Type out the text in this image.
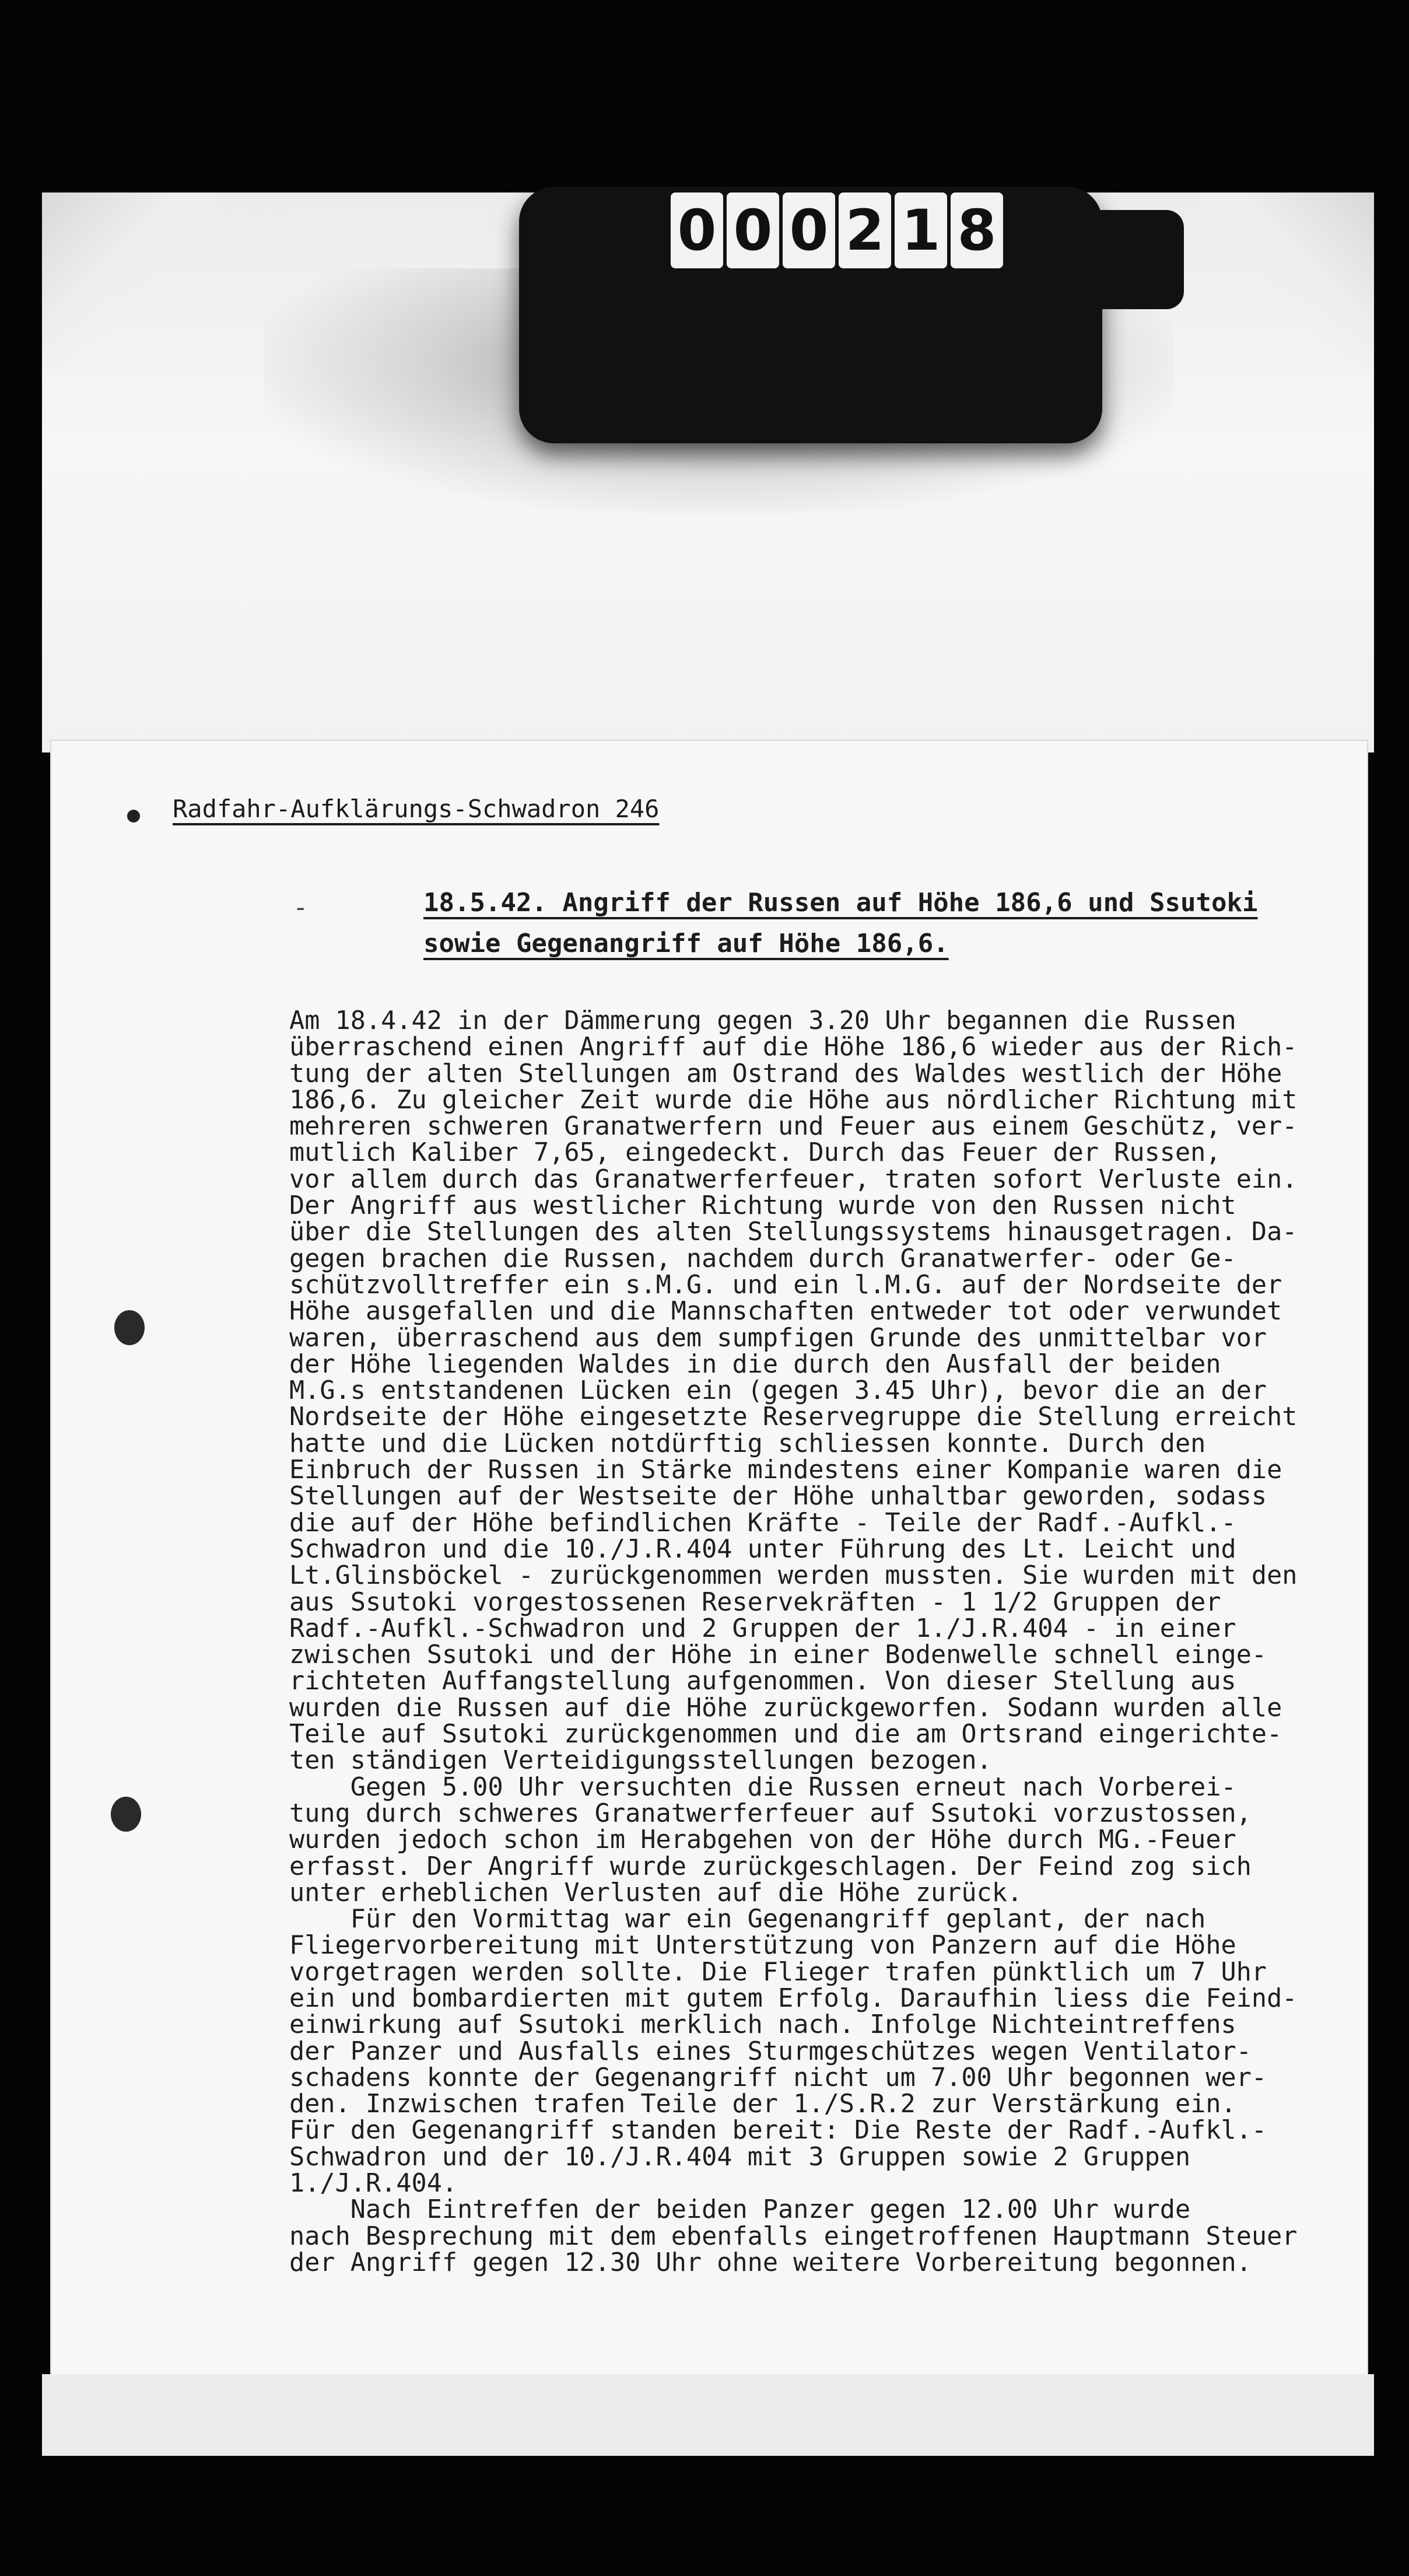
0 0 0 2 1 8
Radfahr-Aufklärungs-Schwadron 246
-	18.5.42. Angriff der Russen auf Höhe 186,6 und Ssutoki
sowie Gegenangriff auf Höhe 186,6.
Am 18.4.42 in der Dämmerung gegen 3.20 Uhr begannen die Russen
überraschend einen Angriff auf die Höhe 186,6 wieder aus der Rich-
tung der alten Stellungen am Ostrand des Waldes westlich der Höhe
186,6. Zu gleicher Zeit wurde die Höhe aus nördlicher Richtung mit
mehreren schweren Granatwerfern und Feuer aus einem Geschütz, ver-
mutlich Kaliber 7,65, eingedeckt. Durch das Feuer der Russen,
vor allem durch das Granatwerferfeuer, traten sofort Verluste ein.
Der Angriff aus westlicher Richtung wurde von den Russen nicht
über die Stellungen des alten Stellungssystems hinausgetragen. Da-
gegen brachen die Russen, nachdem durch Granatwerfer- oder Ge-
schützvolltreffer ein s.M.G. und ein l.M.G. auf der Nordseite der
Höhe ausgefallen und die Mannschaften entweder tot oder verwundet
waren, überraschend aus dem sumpfigen Grunde des unmittelbar vor
der Höhe liegenden Waldes in die durch den Ausfall der beiden
M.G.s entstandenen Lücken ein (gegen 3.45 Uhr), bevor die an der
Nordseite der Höhe eingesetzte Reservegruppe die Stellung erreicht
hatte und die Lücken notdürftig schliessen konnte. Durch den
Einbruch der Russen in Stärke mindestens einer Kompanie waren die
Stellungen auf der Westseite der Höhe unhaltbar geworden, sodass
die auf der Höhe befindlichen Kräfte - Teile der Radf.-Aufkl.-
Schwadron und die 10./J.R.404 unter Führung des Lt. Leicht und
Lt.Glinsböckel - zurückgenommen werden mussten. Sie wurden mit den
aus Ssutoki vorgestossenen Reservekräften - 1 1/2 Gruppen der
Radf.-Aufkl.-Schwadron und 2 Gruppen der 1./J.R.404 - in einer
zwischen Ssutoki und der Höhe in einer Bodenwelle schnell einge-
richteten Auffangstellung aufgenommen. Von dieser Stellung aus
wurden die Russen auf die Höhe zurückgeworfen. Sodann wurden alle
Teile auf Ssutoki zurückgenommen und die am Ortsrand eingerichte-
ten ständigen Verteidigungsstellungen bezogen.
Gegen 5.00 Uhr versuchten die Russen erneut nach Vorberei-
tung durch schweres Granatwerferfeuer auf Ssutoki vorzustossen,
wurden jedoch schon im Herabgehen von der Höhe durch MG.-Feuer
erfasst. Der Angriff wurde zurückgeschlagen. Der Feind zog sich
unter erheblichen Verlusten auf die Höhe zurück.
Für den Vormittag war ein Gegenangriff geplant, der nach
Fliegervorbereitung mit Unterstützung von Panzern auf die Höhe
vorgetragen werden sollte. Die Flieger trafen pünktlich um 7 Uhr
ein und bombardierten mit gutem Erfolg. Daraufhin liess die Feind-
einwirkung auf Ssutoki merklich nach. Infolge Nichteintreffens
der Panzer und Ausfalls eines Sturmgeschützes wegen Ventilator-
schadens konnte der Gegenangriff nicht um 7.00 Uhr begonnen wer-
den. Inzwischen trafen Teile der 1./S.R.2 zur Verstärkung ein.
Für den Gegenangriff standen bereit: Die Reste der Radf.-Aufkl.-
Schwadron und der 10./J.R.404 mit 3 Gruppen sowie 2 Gruppen
1./J.R.404.
Nach Eintreffen der beiden Panzer gegen 12.00 Uhr wurde
nach Besprechung mit dem ebenfalls eingetroffenen Hauptmann Steuer
der Angriff gegen 12.30 Uhr ohne weitere Vorbereitung begonnen.
